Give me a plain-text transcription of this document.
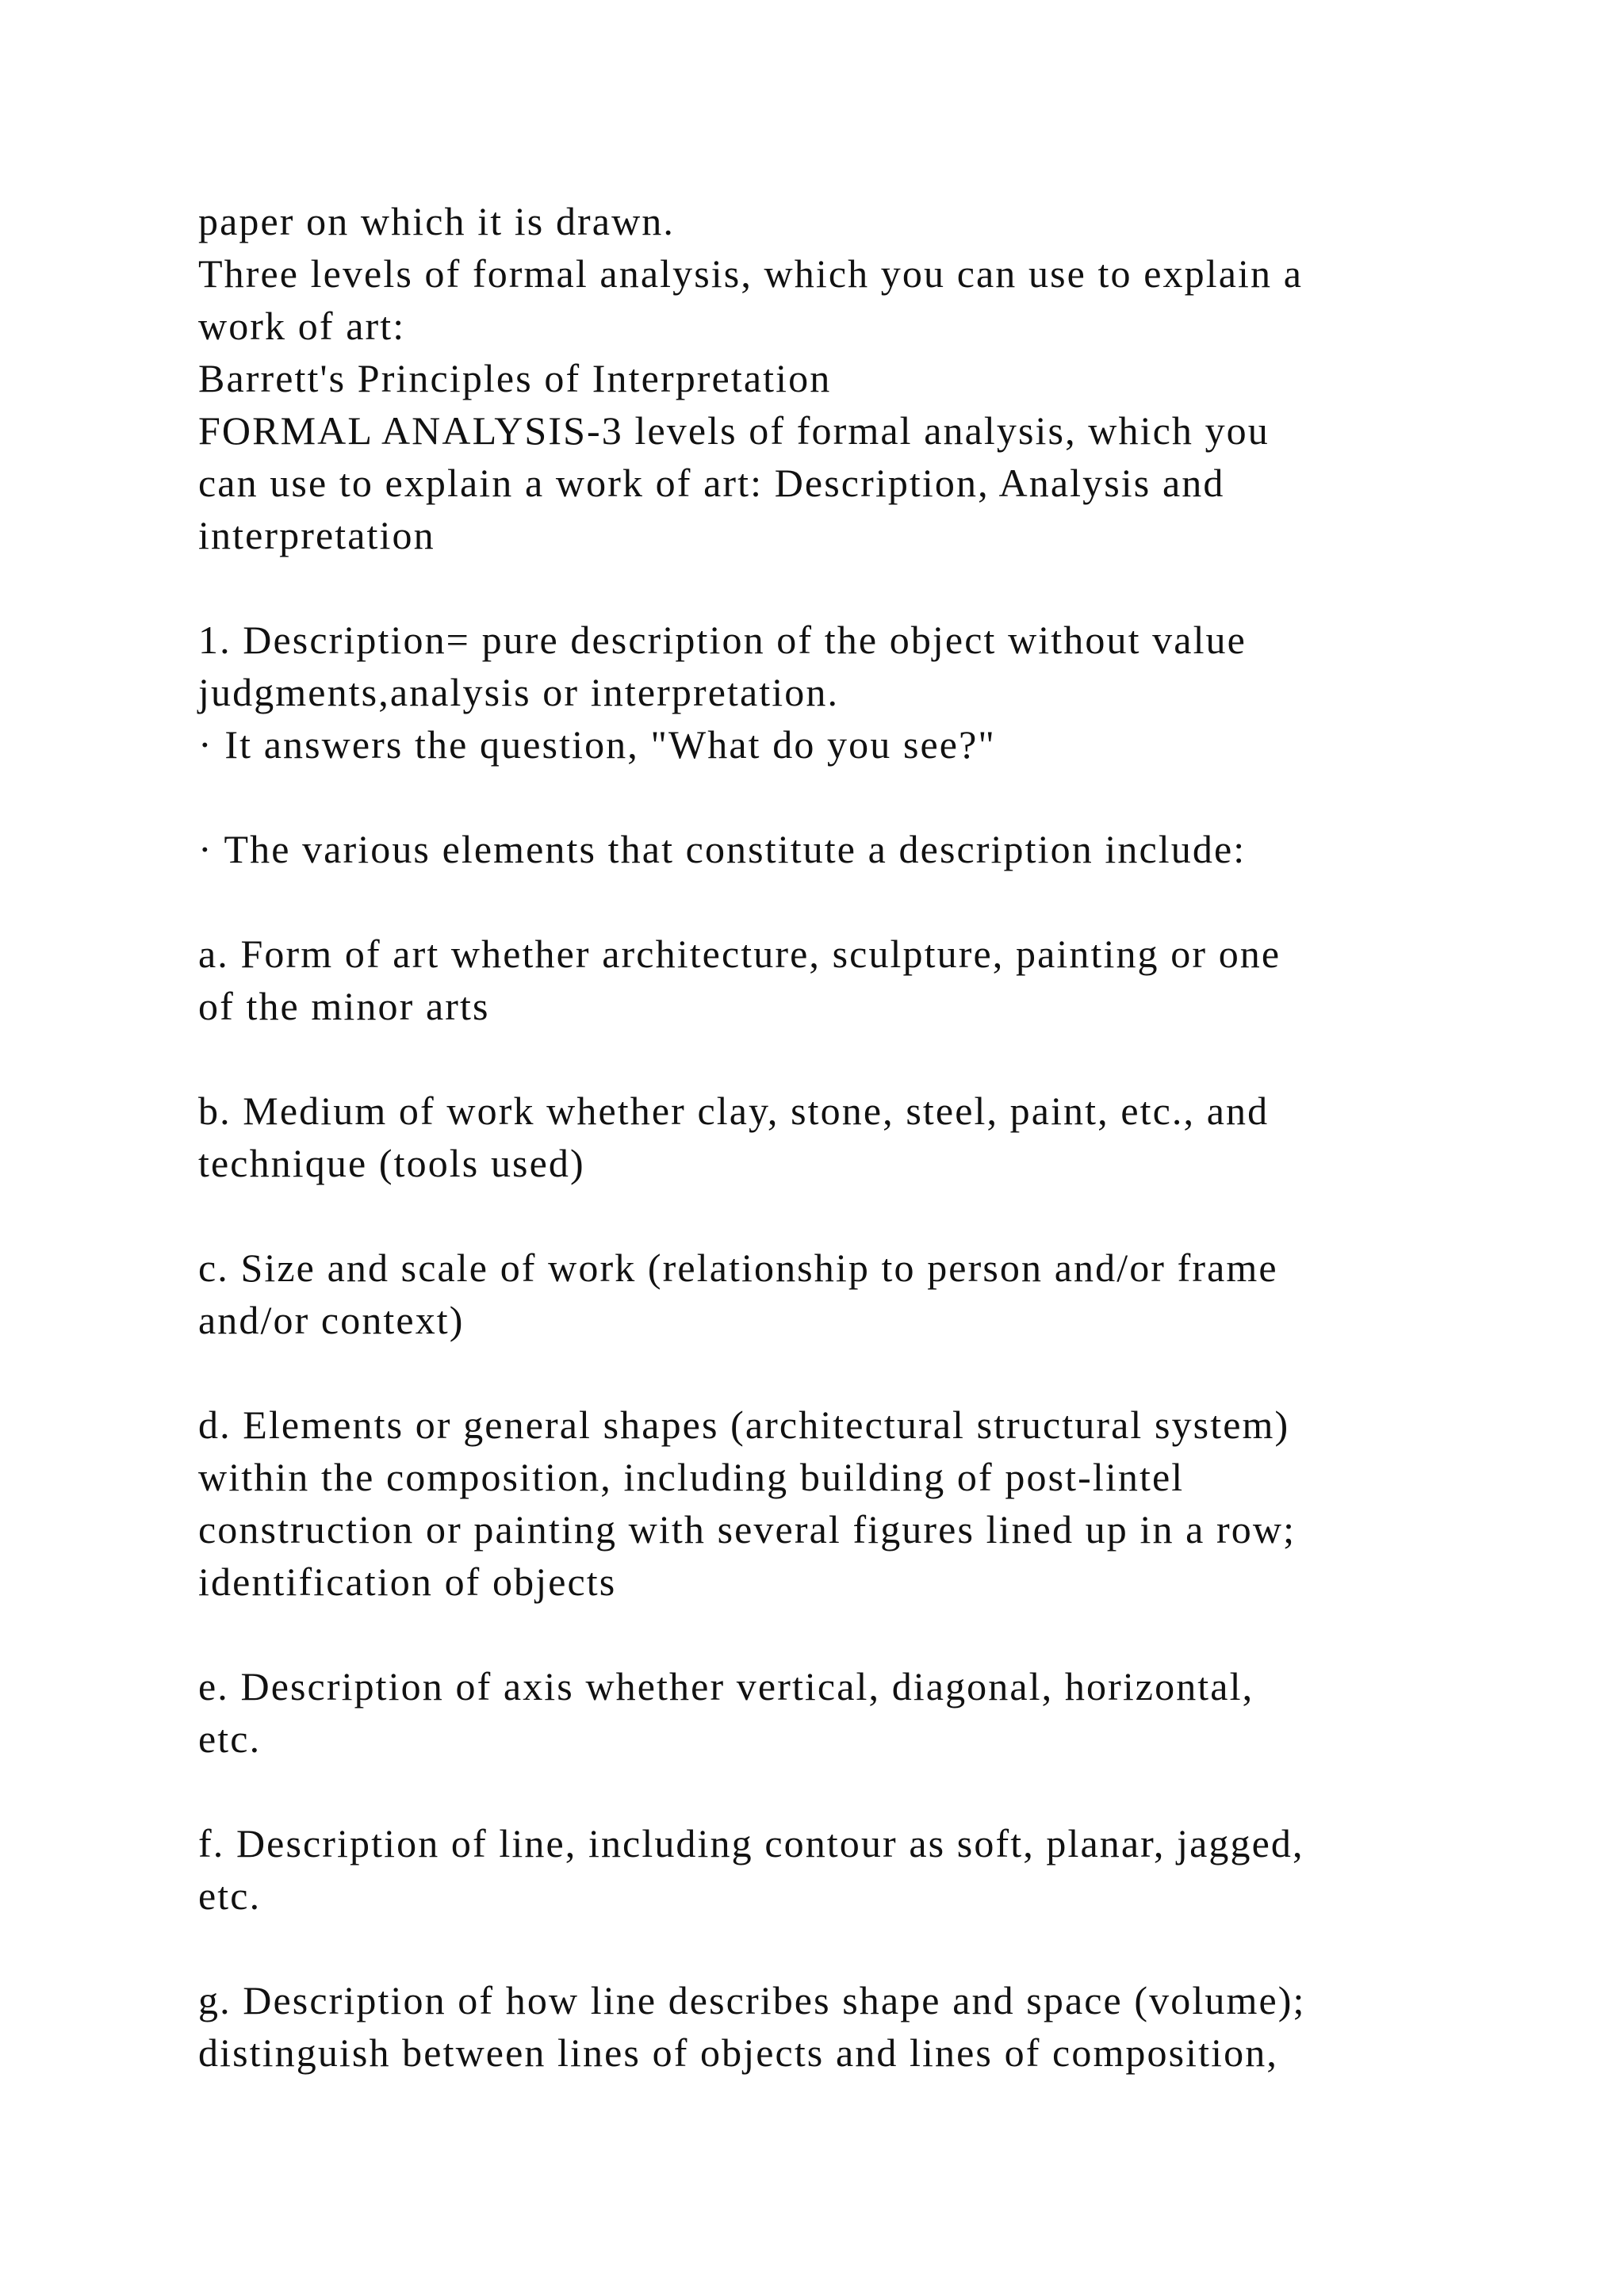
paper on which it is drawn.
Three levels of formal analysis, which you can use to explain a
work of art:
Barrett's Principles of Interpretation
FORMAL ANALYSIS-3 levels of formal analysis, which you
can use to explain a work of art: Description, Analysis and
interpretation
1. Description= pure description of the object without value
judgments,analysis or interpretation.
· It answers the question, "What do you see?"
· The various elements that constitute a description include:
a. Form of art whether architecture, sculpture, painting or one
of the minor arts
b. Medium of work whether clay, stone, steel, paint, etc., and
technique (tools used)
c. Size and scale of work (relationship to person and/or frame
and/or context)
d. Elements or general shapes (architectural structural system)
within the composition, including building of post-lintel
construction or painting with several figures lined up in a row;
identification of objects
e. Description of axis whether vertical, diagonal, horizontal,
etc.
f. Description of line, including contour as soft, planar, jagged,
etc.
g. Description of how line describes shape and space (volume);
distinguish between lines of objects and lines of composition,
